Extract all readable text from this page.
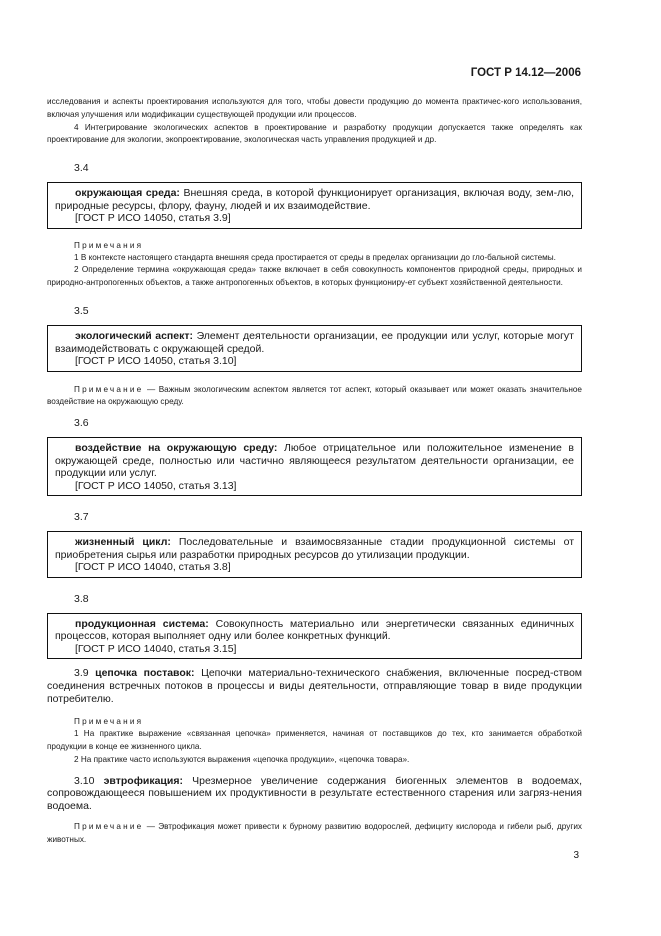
ГОСТ Р 14.12—2006

исследования и аспекты проектирования используются для того, чтобы довести продукцию до момента практичес-кого использования, включая улучшения или модификации существующей продукции или процессов.

4 Интегрирование экологических аспектов в проектирование и разработку продукции допускается также определять как проектирование для экологии, экопроектирование, экологическая часть управления продукцией и др.

3.4

окружающая среда: Внешняя среда, в которой функционирует организация, включая воду, зем-лю, природные ресурсы, флору, фауну, людей и их взаимодействие.

[ГОСТ Р ИСО 14050, статья 3.9]

Примечания

1 В контексте настоящего стандарта внешняя среда простирается от среды в пределах организации до гло-бальной системы.

2 Определение термина «окружающая среда» также включает в себя совокупность компонентов природной среды, природных и природно-антропогенных объектов, а также антропогенных объектов, в которых функциониру-ет субъект хозяйственной деятельности.

3.5

экологический аспект: Элемент деятельности организации, ее продукции или услуг, которые могут взаимодействовать с окружающей средой.

[ГОСТ Р ИСО 14050, статья 3.10]

Примечание — Важным экологическим аспектом является тот аспект, который оказывает или может оказать значительное воздействие на окружающую среду.

3.6

воздействие на окружающую среду: Любое отрицательное или положительное изменение в окружающей среде, полностью или частично являющееся результатом деятельности организации, ее продукции или услуг.

[ГОСТ Р ИСО 14050, статья 3.13]

3.7

жизненный цикл: Последовательные и взаимосвязанные стадии продукционной системы от приобретения сырья или разработки природных ресурсов до утилизации продукции.

[ГОСТ Р ИСО 14040, статья 3.8]

3.8

продукционная система: Совокупность материально или энергетически связанных единичных процессов, которая выполняет одну или более конкретных функций.

[ГОСТ Р ИСО 14040, статья 3.15]

3.9 цепочка поставок: Цепочки материально-технического снабжения, включенные посред-ством соединения встречных потоков в процессы и виды деятельности, отправляющие товар в виде продукции потребителю.

Примечания

1 На практике выражение «связанная цепочка» применяется, начиная от поставщиков до тех, кто занимается обработкой продукции в конце ее жизненного цикла.

2 На практике часто используются выражения «цепочка продукции», «цепочка товара».

3.10 эвтрофикация: Чрезмерное увеличение содержания биогенных элементов в водоемах, сопровождающееся повышением их продуктивности в результате естественного старения или загряз-нения водоема.

Примечание — Эвтрофикация может привести к бурному развитию водорослей, дефициту кислорода и гибели рыб, других животных.

3
